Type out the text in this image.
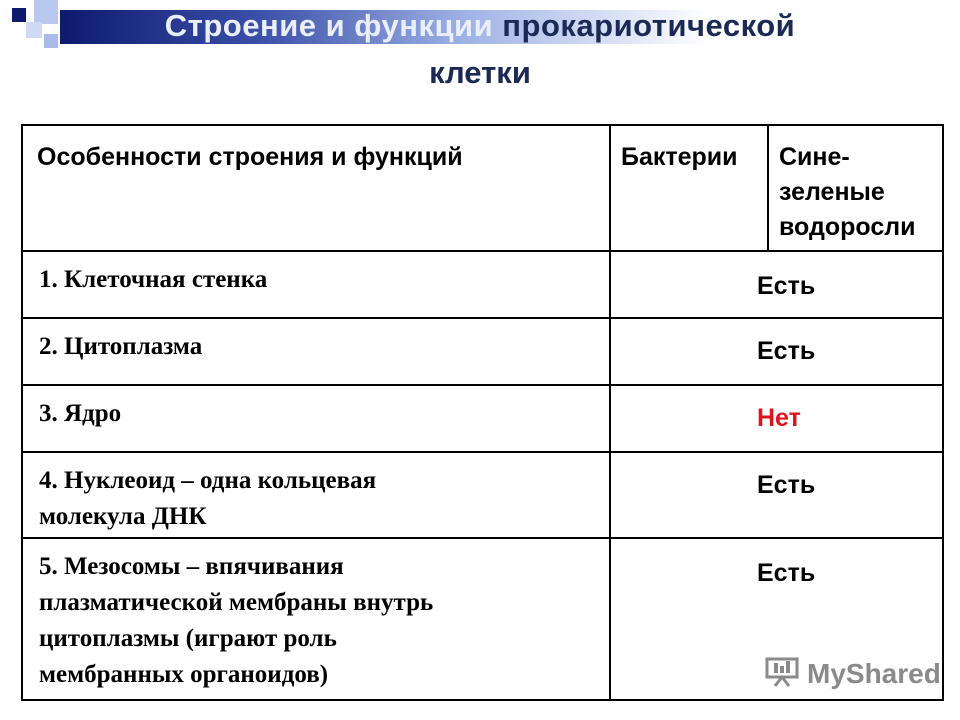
Строение и функции прокариотической
клетки
Особенности строения и функций	Бактерии	Сине-
зеленые
водоросли

1. Клеточная стенка	Есть	

2. Цитоплазма	Есть	

3. Ядро	Нет	

4. Нуклеоид – одна кольцевая
молекула ДНК	Есть	

5. Мезосомы – впячивания
плазматической мембраны внутрь
цитоплазмы (играют роль
мембранных органоидов)	Есть	
MyShared
